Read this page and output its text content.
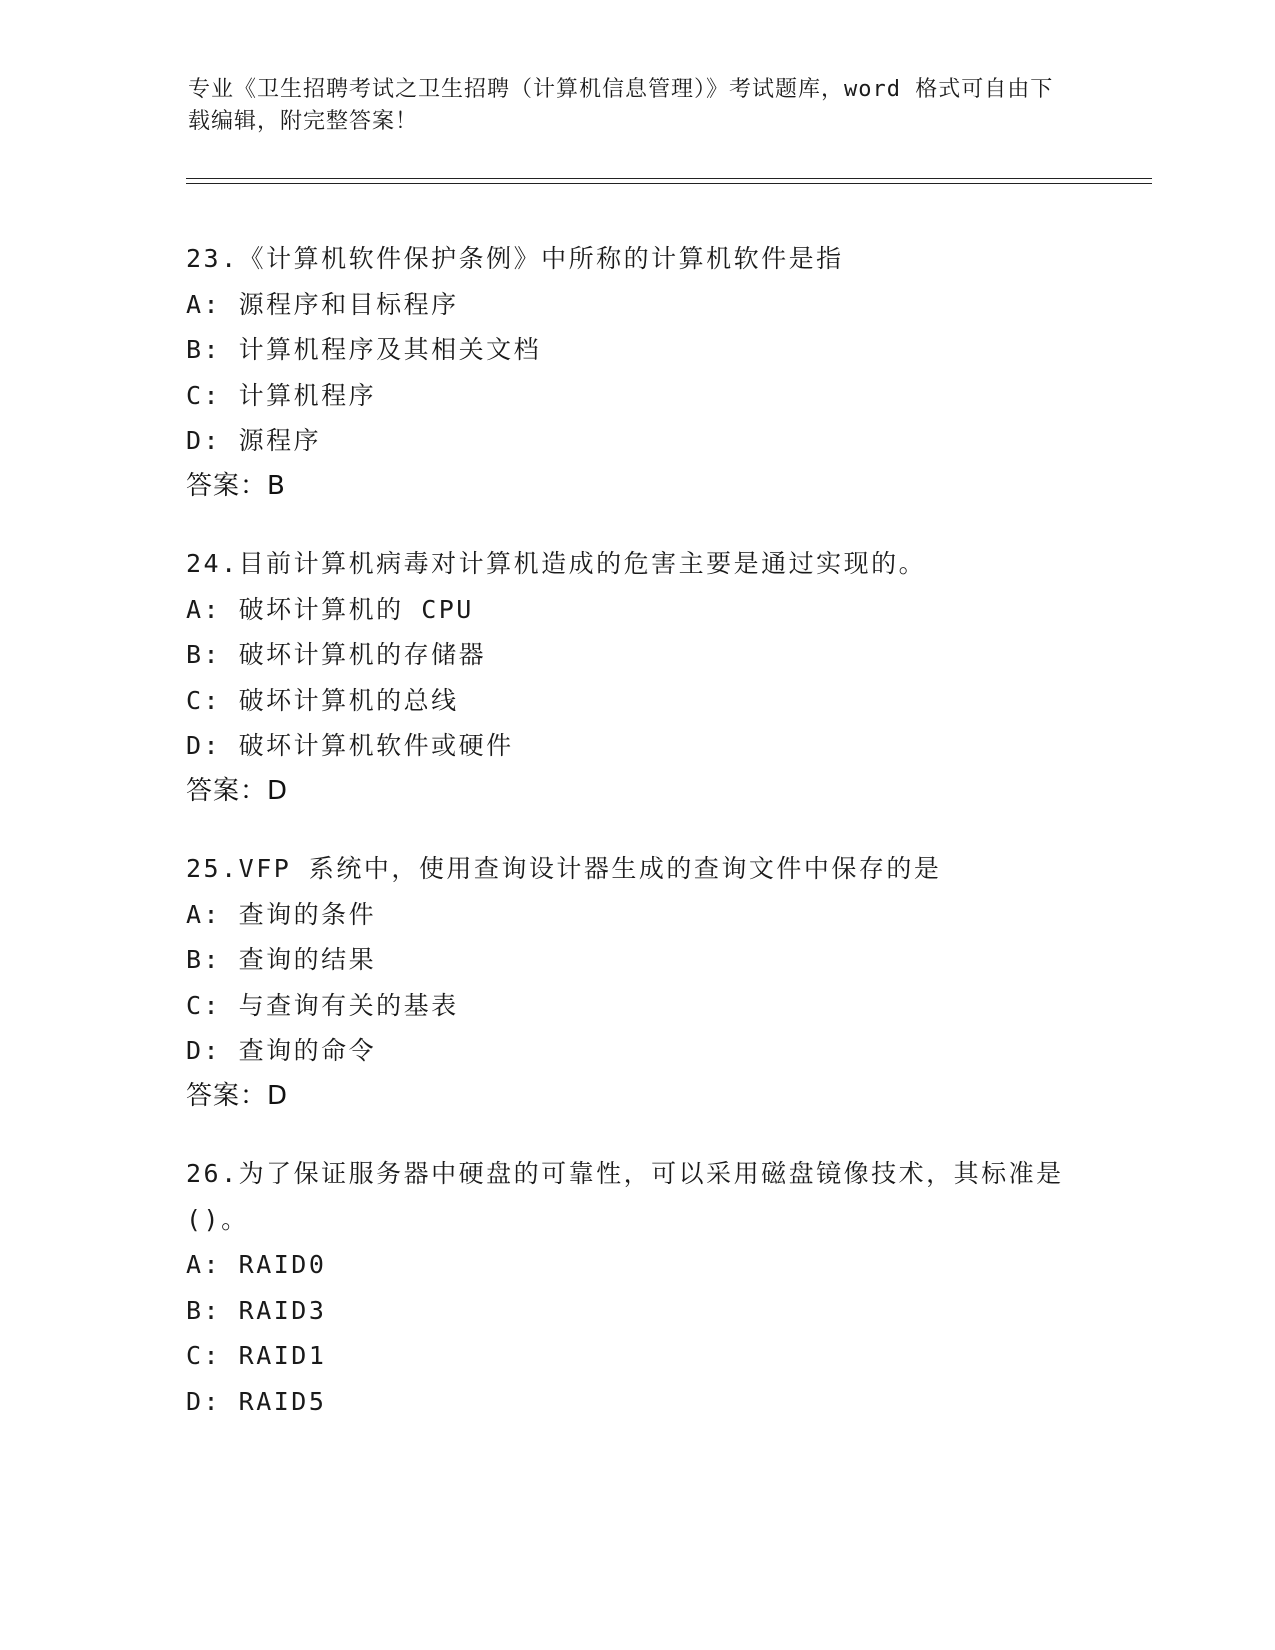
专业《卫生招聘考试之卫生招聘（计算机信息管理）》考试题库，word 格式可自由下载编辑，附完整答案！
23.《计算机软件保护条例》中所称的计算机软件是指
A: 源程序和目标程序
B: 计算机程序及其相关文档
C: 计算机程序
D: 源程序
答案：B
24.目前计算机病毒对计算机造成的危害主要是通过实现的。
A: 破坏计算机的 CPU
B: 破坏计算机的存储器
C: 破坏计算机的总线
D: 破坏计算机软件或硬件
答案：D
25.VFP 系统中，使用查询设计器生成的查询文件中保存的是
A: 查询的条件
B: 查询的结果
C: 与查询有关的基表
D: 查询的命令
答案：D
26.为了保证服务器中硬盘的可靠性，可以采用磁盘镜像技术，其标准是()。
A: RAID0
B: RAID3
C: RAID1
D: RAID5
